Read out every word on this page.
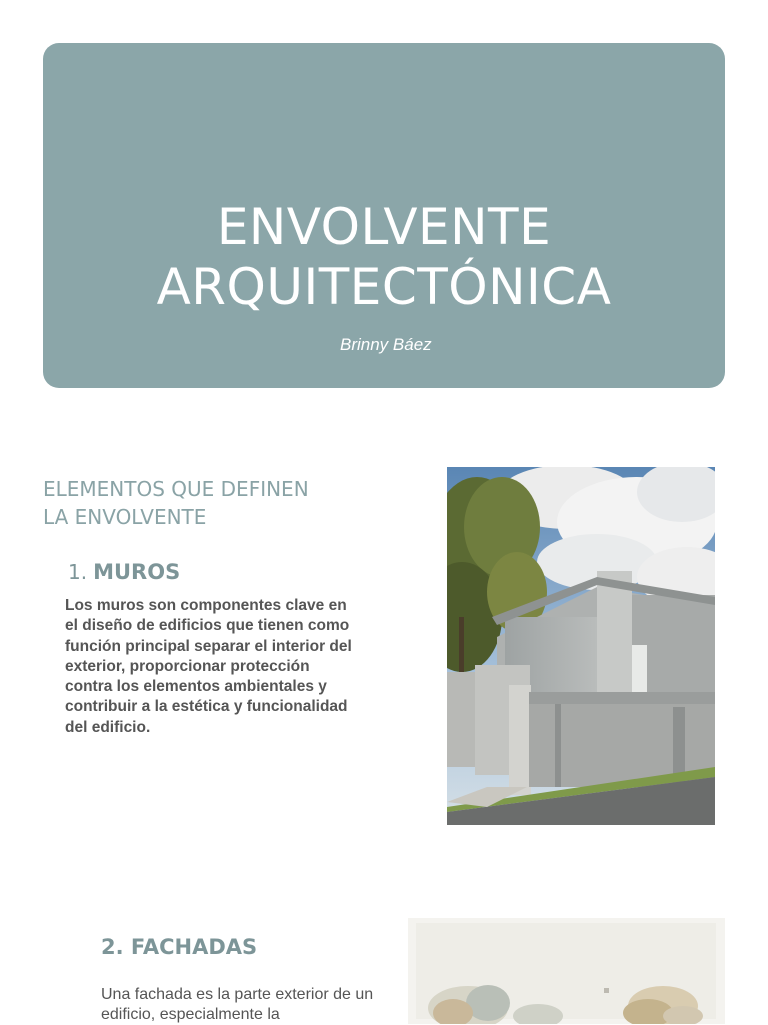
ENVOLVENTE
ARQUITECTÓNICA
Brinny Báez
ELEMENTOS QUE DEFINEN
LA ENVOLVENTE
1. MUROS

Los muros son componentes clave en el diseño de edificios que tienen como función principal separar el interior del exterior, proporcionar protección contra los elementos ambientales y contribuir a la estética y funcionalidad del edificio.

2. FACHADAS

Una fachada es la parte exterior de un edificio, especialmente la
